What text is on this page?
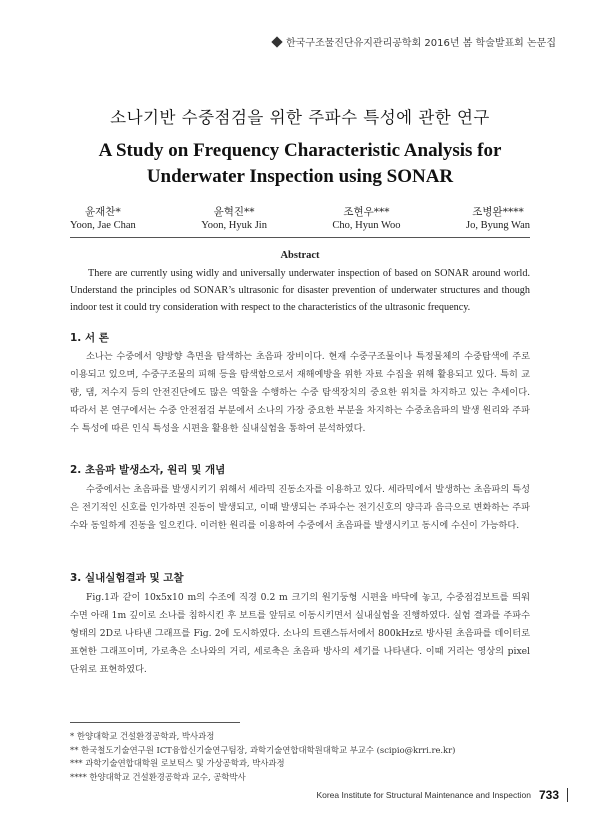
한국구조물진단유지관리공학회 2016년 봄 학술발표회 논문집
소나기반 수중점검을 위한 주파수 특성에 관한 연구
A Study on Frequency Characteristic Analysis for
Underwater Inspection using SONAR
윤재찬*
Yoon, Jae Chan
윤혁진**
Yoon, Hyuk Jin
조현우***
Cho, Hyun Woo
조병완****
Jo, Byung Wan
Abstract
There are currently using widly and universally underwater inspection of based on SONAR around world. Understand the principles od SONAR’s ultrasonic for disaster prevention of underwater structures and though indoor test it could try consideration with respect to the characteristics of the ultrasonic frequency.
1. 서 론
소나는 수중에서 양방향 측면을 탐색하는 초음파 장비이다. 현재 수중구조물이나 특정물체의 수중탐색에 주로 이용되고 있으며, 수중구조물의 피해 등을 탐색함으로서 재해예방을 위한 자료 수집을 위해 활용되고 있다. 특히 교량, 댐, 저수지 등의 안전진단에도 많은 역할을 수행하는 수중 탐색장치의 중요한 위치를 차지하고 있는 추세이다. 따라서 본 연구에서는 수중 안전점검 부분에서 소나의 가장 중요한 부분을 차지하는 수중초음파의 발생 원리와 주파수 특성에 따른 인식 특성을 시편을 활용한 실내실험을 통하여 분석하였다.
2. 초음파 발생소자, 원리 및 개념
수중에서는 초음파를 발생시키기 위해서 세라믹 진동소자를 이용하고 있다. 세라믹에서 발생하는 초음파의 특성은 전기적인 신호를 인가하면 진동이 발생되고, 이때 발생되는 주파수는 전기신호의 양극과 음극으로 변화하는 주파수와 동일하게 진동을 일으킨다. 이러한 원리를 이용하여 수중에서 초음파를 발생시키고 동시에 수신이 가능하다.
3. 실내실험결과 및 고찰
Fig.1과 같이 10x5x10 m의 수조에 직경 0.2 m 크기의 원기둥형 시편을 바닥에 놓고, 수중점검보트를 띄워 수면 아래 1m 깊이로 소나를 침하시킨 후 보트를 앞뒤로 이동시키면서 실내실험을 진행하였다. 실험 결과를 주파수 형태의 2D로 나타낸 그래프를 Fig. 2에 도시하였다. 소나의 트랜스듀서에서 800kHz로 방사된 초음파를 데이터로 표현한 그래프이며, 가로축은 소나와의 거리, 세로축은 초음파 방사의 세기를 나타낸다. 이때 거리는 영상의 pixel 단위로 표현하였다.
* 한양대학교 건설환경공학과, 박사과정
** 한국철도기술연구원 ICT융합신기술연구팀장, 과학기술연합대학원대학교 부교수 (scipio@krri.re.kr)
*** 과학기술연합대학원 로보틱스 및 가상공학과, 박사과정
**** 한양대학교 건설환경공학과 교수, 공학박사
Korea Institute for Structural Maintenance and Inspection 733
